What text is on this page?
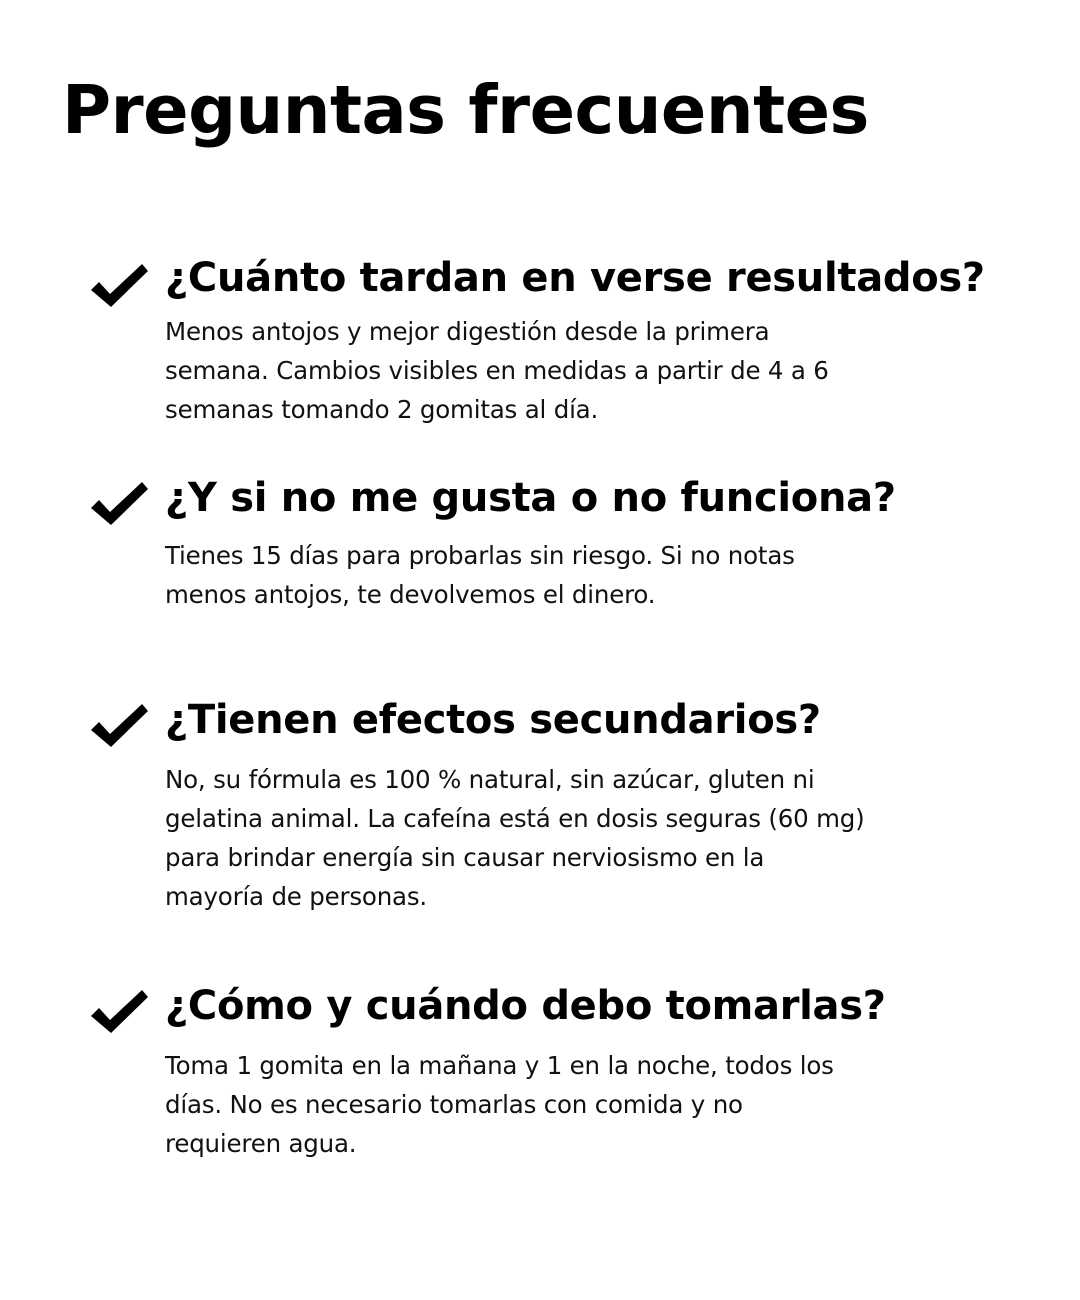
Preguntas frecuentes
¿Cuánto tardan en verse resultados?

Menos antojos y mejor digestión desde la primera semana. Cambios visibles en medidas a partir de 4 a 6 semanas tomando 2 gomitas al día.

¿Y si no me gusta o no funciona?

Tienes 15 días para probarlas sin riesgo. Si no notas menos antojos, te devolvemos el dinero.

¿Tienen efectos secundarios?

No, su fórmula es 100 % natural, sin azúcar, gluten ni gelatina animal. La cafeína está en dosis seguras (60 mg) para brindar energía sin causar nerviosismo en la mayoría de personas.

¿Cómo y cuándo debo tomarlas?

Toma 1 gomita en la mañana y 1 en la noche, todos los días. No es necesario tomarlas con comida y no requieren agua.
